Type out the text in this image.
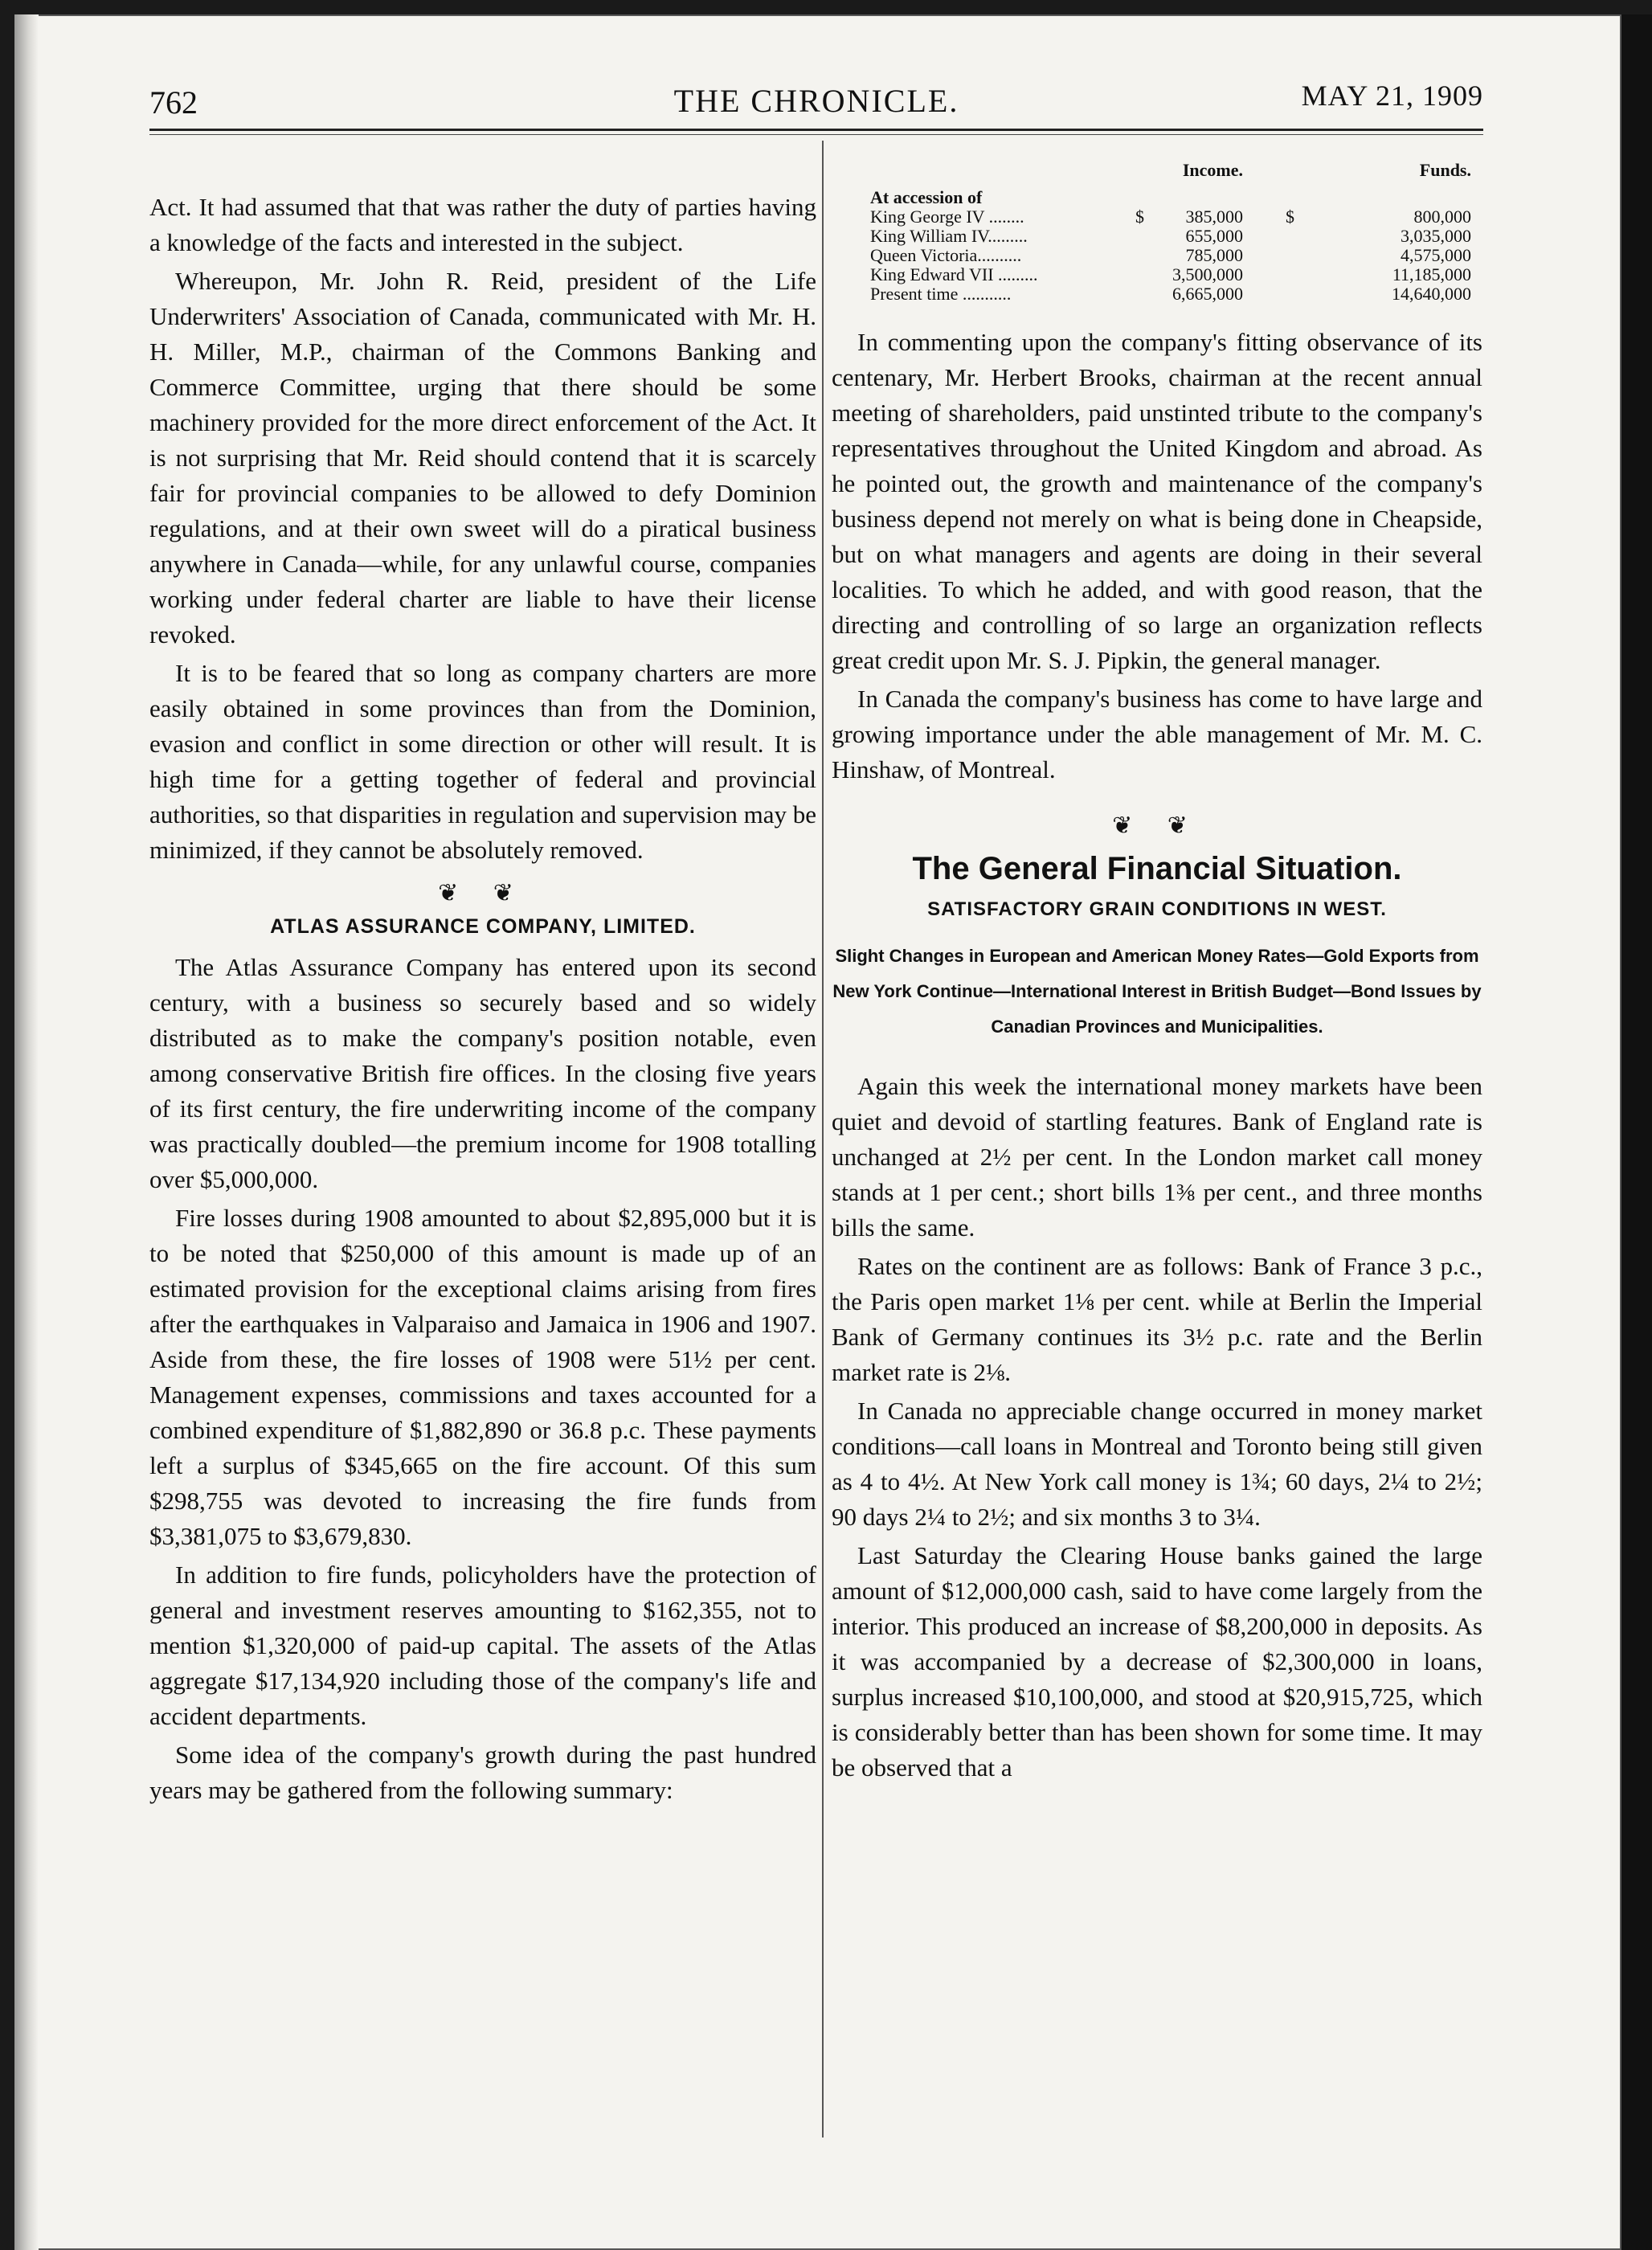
762	THE CHRONICLE.	MAY 21, 1909

Act. It had assumed that that was rather the duty of parties having a knowledge of the facts and interested in the subject.

Whereupon, Mr. John R. Reid, president of the Life Underwriters' Association of Canada, communicated with Mr. H. H. Miller, M.P., chairman of the Commons Banking and Commerce Committee, urging that there should be some machinery provided for the more direct enforcement of the Act. It is not surprising that Mr. Reid should contend that it is scarcely fair for provincial companies to be allowed to defy Dominion regulations, and at their own sweet will do a piratical business anywhere in Canada—while, for any unlawful course, companies working under federal charter are liable to have their license revoked.

It is to be feared that so long as company charters are more easily obtained in some provinces than from the Dominion, evasion and conflict in some direction or other will result. It is high time for a getting together of federal and provincial authorities, so that disparities in regulation and supervision may be minimized, if they cannot be absolutely removed.

❦ ❦
ATLAS ASSURANCE COMPANY, LIMITED.

The Atlas Assurance Company has entered upon its second century, with a business so securely based and so widely distributed as to make the company's position notable, even among conservative British fire offices. In the closing five years of its first century, the fire underwriting income of the company was practically doubled—the premium income for 1908 totalling over $5,000,000.

Fire losses during 1908 amounted to about $2,895,000 but it is to be noted that $250,000 of this amount is made up of an estimated provision for the exceptional claims arising from fires after the earthquakes in Valparaiso and Jamaica in 1906 and 1907. Aside from these, the fire losses of 1908 were 51½ per cent. Management expenses, commissions and taxes accounted for a combined expenditure of $1,882,890 or 36.8 p.c. These payments left a surplus of $345,665 on the fire account. Of this sum $298,755 was devoted to increasing the fire funds from $3,381,075 to $3,679,830.

In addition to fire funds, policyholders have the protection of general and investment reserves amounting to $162,355, not to mention $1,320,000 of paid-up capital. The assets of the Atlas aggregate $17,134,920 including those of the company's life and accident departments.

Some idea of the company's growth during the past hundred years may be gathered from the following summary:

		Income.		Funds.
At accession of				
King George IV ........	$	385,000	$	800,000
King William IV.........		655,000		3,035,000
Queen Victoria..........		785,000		4,575,000
King Edward VII .........		3,500,000		11,185,000
Present time ...........		6,665,000		14,640,000

In commenting upon the company's fitting observance of its centenary, Mr. Herbert Brooks, chairman at the recent annual meeting of shareholders, paid unstinted tribute to the company's representatives throughout the United Kingdom and abroad. As he pointed out, the growth and maintenance of the company's business depend not merely on what is being done in Cheapside, but on what managers and agents are doing in their several localities. To which he added, and with good reason, that the directing and controlling of so large an organization reflects great credit upon Mr. S. J. Pipkin, the general manager.

In Canada the company's business has come to have large and growing importance under the able management of Mr. M. C. Hinshaw, of Montreal.

❦ ❦
The General Financial Situation.
SATISFACTORY GRAIN CONDITIONS IN WEST.
Slight Changes in European and American Money Rates—Gold Exports from New York Continue—International Interest in British Budget—Bond Issues by Canadian Provinces and Municipalities.

Again this week the international money markets have been quiet and devoid of startling features. Bank of England rate is unchanged at 2½ per cent. In the London market call money stands at 1 per cent.; short bills 1⅜ per cent., and three months bills the same.

Rates on the continent are as follows: Bank of France 3 p.c., the Paris open market 1⅛ per cent. while at Berlin the Imperial Bank of Germany continues its 3½ p.c. rate and the Berlin market rate is 2⅛.

In Canada no appreciable change occurred in money market conditions—call loans in Montreal and Toronto being still given as 4 to 4½. At New York call money is 1¾; 60 days, 2¼ to 2½; 90 days 2¼ to 2½; and six months 3 to 3¼.

Last Saturday the Clearing House banks gained the large amount of $12,000,000 cash, said to have come largely from the interior. This produced an increase of $8,200,000 in deposits. As it was accompanied by a decrease of $2,300,000 in loans, surplus increased $10,100,000, and stood at $20,915,725, which is considerably better than has been shown for some time. It may be observed that a
